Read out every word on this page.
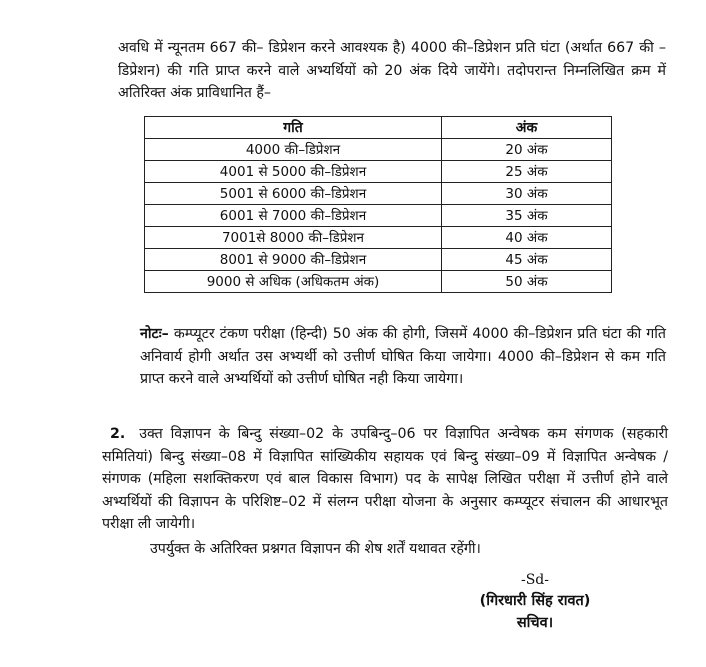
अवधि में न्यूनतम 667 की– डिप्रेशन करने आवश्यक है) 4000 की–डिप्रेशन प्रति घंटा (अर्थात 667 की –डिप्रेशन) की गति प्राप्त करने वाले अभ्यर्थियों को 20 अंक दिये जायेंगे। तदोपरान्त निम्नलिखित क्रम में अतिरिक्त अंक प्राविधानित हैं–
गति	अंक
4000 की–डिप्रेशन	20 अंक
4001 से 5000 की–डिप्रेशन	25 अंक
5001 से 6000 की–डिप्रेशन	30 अंक
6001 से 7000 की–डिप्रेशन	35 अंक
7001से 8000 की–डिप्रेशन	40 अंक
8001 से 9000 की–डिप्रेशन	45 अंक
9000 से अधिक (अधिकतम अंक)	50 अंक
नोटः– कम्प्यूटर टंकण परीक्षा (हिन्दी) 50 अंक की होगी, जिसमें 4000 की–डिप्रेशन प्रति घंटा की गति अनिवार्य होगी अर्थात उस अभ्यर्थी को उत्तीर्ण घोषित किया जायेगा। 4000 की–डिप्रेशन से कम गति प्राप्त करने वाले अभ्यर्थियों को उत्तीर्ण घोषित नही किया जायेगा।
2. उक्त विज्ञापन के बिन्दु संख्या–02 के उपबिन्दु–06 पर विज्ञापित अन्वेषक कम संगणक (सहकारी समितियां) बिन्दु संख्या–08 में विज्ञापित सांख्यिकीय सहायक एवं बिन्दु संख्या–09 में विज्ञापित अन्वेषक / संगणक (महिला सशक्तिकरण एवं बाल विकास विभाग) पद के सापेक्ष लिखित परीक्षा में उत्तीर्ण होने वाले अभ्यर्थियों की विज्ञापन के परिशिष्ट–02 में संलग्न परीक्षा योजना के अनुसार कम्प्यूटर संचालन की आधारभूत परीक्षा ली जायेगी।
उपर्युक्त के अतिरिक्त प्रश्नगत विज्ञापन की शेष शर्तें यथावत रहेंगी।
-Sd-
(गिरधारी सिंह रावत)
सचिव।
